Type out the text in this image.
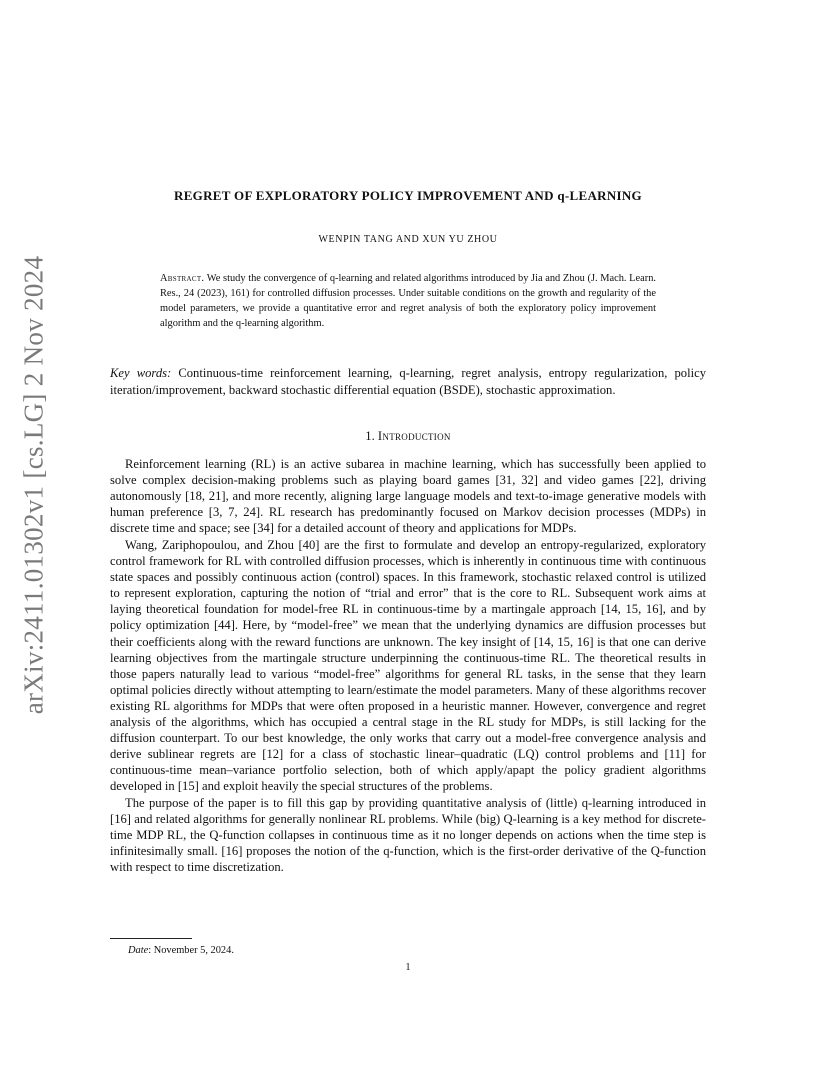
arXiv:2411.01302v1 [cs.LG] 2 Nov 2024
REGRET OF EXPLORATORY POLICY IMPROVEMENT AND q-LEARNING
WENPIN TANG AND XUN YU ZHOU
Abstract. We study the convergence of q-learning and related algorithms introduced by Jia and Zhou (J. Mach. Learn. Res., 24 (2023), 161) for controlled diffusion processes. Under suitable conditions on the growth and regularity of the model parameters, we provide a quantitative error and regret analysis of both the exploratory policy improvement algorithm and the q-learning algorithm.
Key words: Continuous-time reinforcement learning, q-learning, regret analysis, entropy regularization, policy iteration/improvement, backward stochastic differential equation (BSDE), stochastic approximation.
1. Introduction

Reinforcement learning (RL) is an active subarea in machine learning, which has successfully been applied to solve complex decision-making problems such as playing board games [31, 32] and video games [22], driving autonomously [18, 21], and more recently, aligning large language models and text-to-image generative models with human preference [3, 7, 24]. RL research has predominantly focused on Markov decision processes (MDPs) in discrete time and space; see [34] for a detailed account of theory and applications for MDPs.

Wang, Zariphopoulou, and Zhou [40] are the first to formulate and develop an entropy-regularized, exploratory control framework for RL with controlled diffusion processes, which is inherently in continuous time with continuous state spaces and possibly continuous action (control) spaces. In this framework, stochastic relaxed control is utilized to represent exploration, capturing the notion of “trial and error” that is the core to RL. Subsequent work aims at laying theoretical foundation for model-free RL in continuous-time by a martingale approach [14, 15, 16], and by policy optimization [44]. Here, by “model-free” we mean that the underlying dynamics are diffusion processes but their coefficients along with the reward functions are unknown. The key insight of [14, 15, 16] is that one can derive learning objectives from the martingale structure underpinning the continuous-time RL. The theoretical results in those papers naturally lead to various “model-free” algorithms for general RL tasks, in the sense that they learn optimal policies directly without attempting to learn/estimate the model parameters. Many of these algorithms recover existing RL algorithms for MDPs that were often proposed in a heuristic manner. However, convergence and regret analysis of the algorithms, which has occupied a central stage in the RL study for MDPs, is still lacking for the diffusion counterpart. To our best knowledge, the only works that carry out a model-free convergence analysis and derive sublinear regrets are [12] for a class of stochastic linear–quadratic (LQ) control problems and [11] for continuous-time mean–variance portfolio selection, both of which apply/apapt the policy gradient algorithms developed in [15] and exploit heavily the special structures of the problems.

The purpose of the paper is to fill this gap by providing quantitative analysis of (little) q-learning introduced in [16] and related algorithms for generally nonlinear RL problems. While (big) Q-learning is a key method for discrete-time MDP RL, the Q-function collapses in continuous time as it no longer depends on actions when the time step is infinitesimally small. [16] proposes the notion of the q-function, which is the first-order derivative of the Q-function with respect to time discretization.

Date: November 5, 2024.
1
